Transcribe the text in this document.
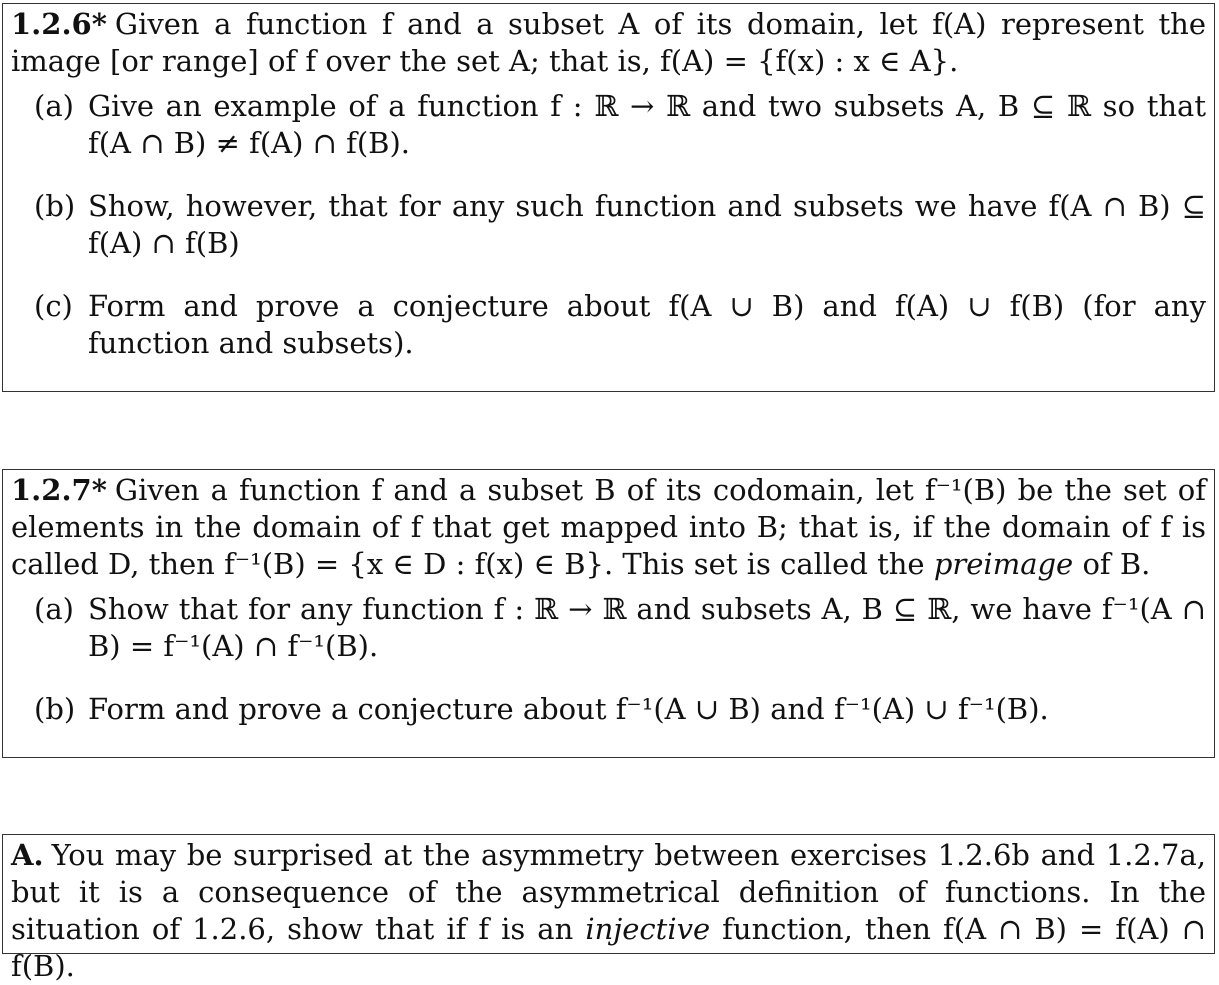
1.2.6* Given a function f and a subset A of its domain, let f(A) represent the image [or range] of f over the set A; that is, f(A) = {f(x) : x ∈ A}.

(a) Give an example of a function f : ℝ → ℝ and two subsets A, B ⊆ ℝ so that f(A ∩ B) ≠ f(A) ∩ f(B).
(b) Show, however, that for any such function and subsets we have f(A ∩ B) ⊆ f(A) ∩ f(B)
(c) Form and prove a conjecture about f(A ∪ B) and f(A) ∪ f(B) (for any function and subsets).

1.2.7* Given a function f and a subset B of its codomain, let f⁻¹(B) be the set of elements in the domain of f that get mapped into B; that is, if the domain of f is called D, then f⁻¹(B) = {x ∈ D : f(x) ∈ B}. This set is called the preimage of B.

(a) Show that for any function f : ℝ → ℝ and subsets A, B ⊆ ℝ, we have f⁻¹(A ∩ B) = f⁻¹(A) ∩ f⁻¹(B).
(b) Form and prove a conjecture about f⁻¹(A ∪ B) and f⁻¹(A) ∪ f⁻¹(B).

A. You may be surprised at the asymmetry between exercises 1.2.6b and 1.2.7a, but it is a consequence of the asymmetrical definition of functions. In the situation of 1.2.6, show that if f is an injective function, then f(A ∩ B) = f(A) ∩ f(B).
